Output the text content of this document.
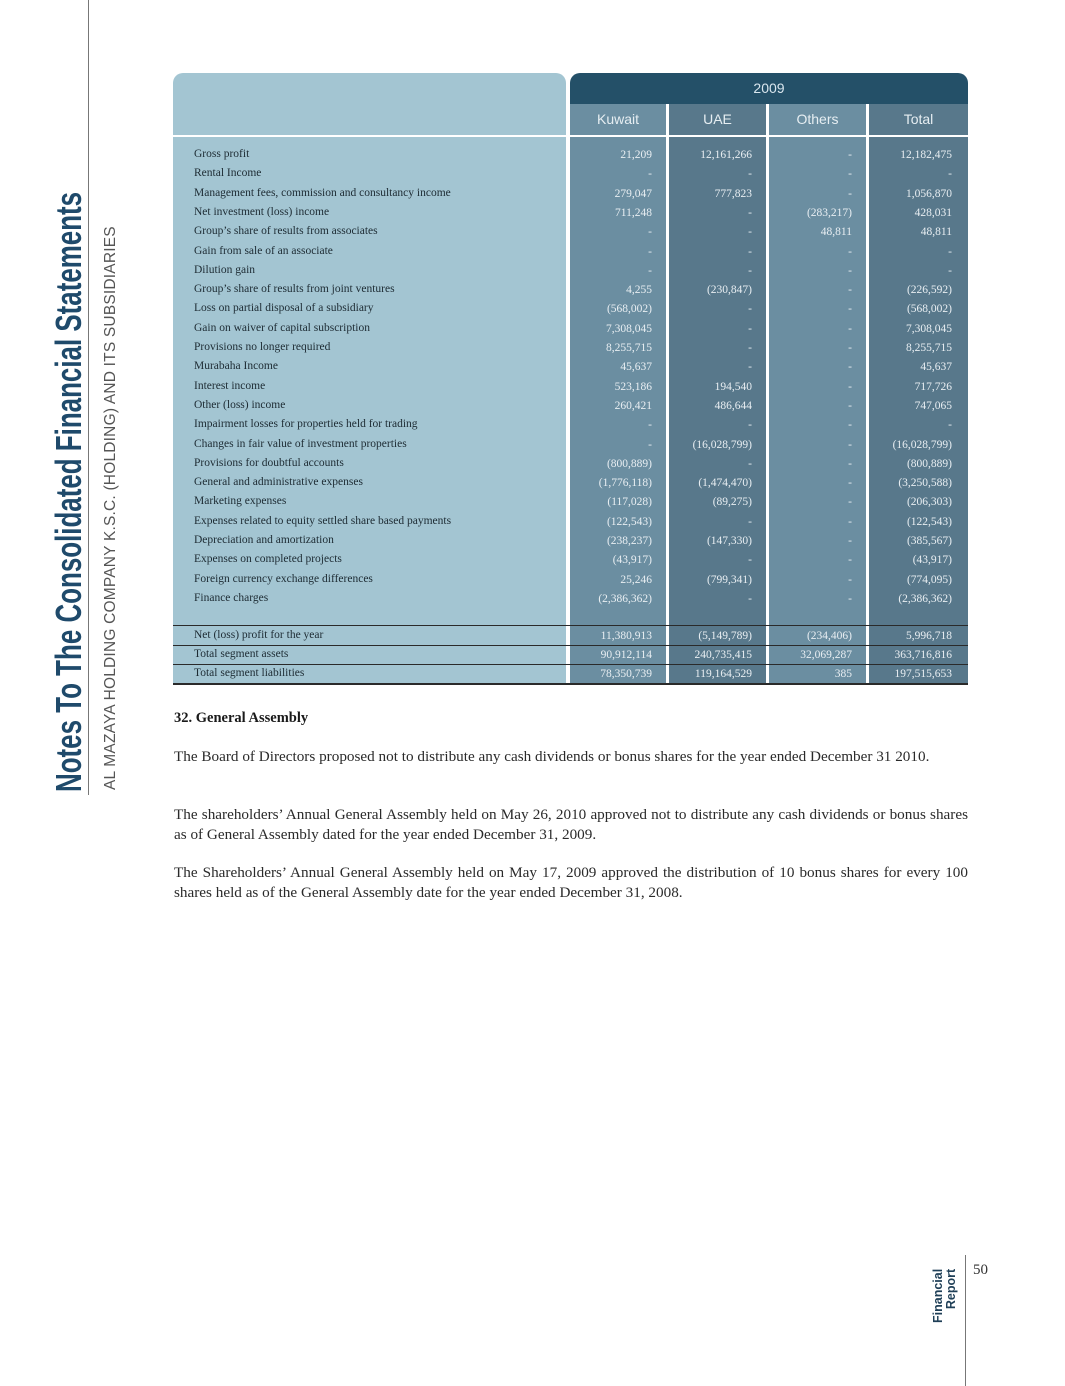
Notes To The Consolidated Financial Statements AL MAZAYA HOLDING COMPANY K.S.C. (HOLDING) AND ITS SUBSIDIARIES
2009
Kuwait	UAE	Others	Total
Gross profit	21,209	12,161,266	-	12,182,475
Rental Income	-	-	-	-
Management fees, commission and consultancy income	279,047	777,823	-	1,056,870
Net investment (loss) income	711,248	-	(283,217)	428,031
Group’s share of results from associates	-	-	48,811	48,811
Gain from sale of an associate	-	-	-	-
Dilution gain	-	-	-	-
Group’s share of results from joint ventures	4,255	(230,847)	-	(226,592)
Loss on partial disposal of a subsidiary	(568,002)	-	-	(568,002)
Gain on waiver of capital subscription	7,308,045	-	-	7,308,045
Provisions no longer required	8,255,715	-	-	8,255,715
Murabaha Income	45,637	-	-	45,637
Interest income	523,186	194,540	-	717,726
Other (loss) income	260,421	486,644	-	747,065
Impairment losses for properties held for trading	-	-	-	-
Changes in fair value of investment properties	-	(16,028,799)	-	(16,028,799)
Provisions for doubtful accounts	(800,889)	-	-	(800,889)
General and administrative expenses	(1,776,118)	(1,474,470)	-	(3,250,588)
Marketing expenses	(117,028)	(89,275)	-	(206,303)
Expenses related to equity settled share based payments	(122,543)	-	-	(122,543)
Depreciation and amortization	(238,237)	(147,330)	-	(385,567)
Expenses on completed projects	(43,917)	-	-	(43,917)
Foreign currency exchange differences	25,246	(799,341)	-	(774,095)
Finance charges	(2,386,362)	-	-	(2,386,362)
Net (loss) profit for the year	11,380,913	(5,149,789)	(234,406)	5,996,718
Total segment assets	90,912,114	240,735,415	32,069,287	363,716,816
Total segment liabilities	78,350,739	119,164,529	385	197,515,653
32. General Assembly
The Board of Directors proposed not to distribute any cash dividends or bonus shares for the year ended December 31 2010.
The shareholders’ Annual General Assembly held on May 26, 2010 approved not to distribute any cash dividends or bonus shares as of General Assembly dated for the year ended December 31, 2009.
The Shareholders’ Annual General Assembly held on May 17, 2009 approved the distribution of 10 bonus shares for every 100 shares held as of the General Assembly date for the year ended December 31, 2008.
Financial Report 50
